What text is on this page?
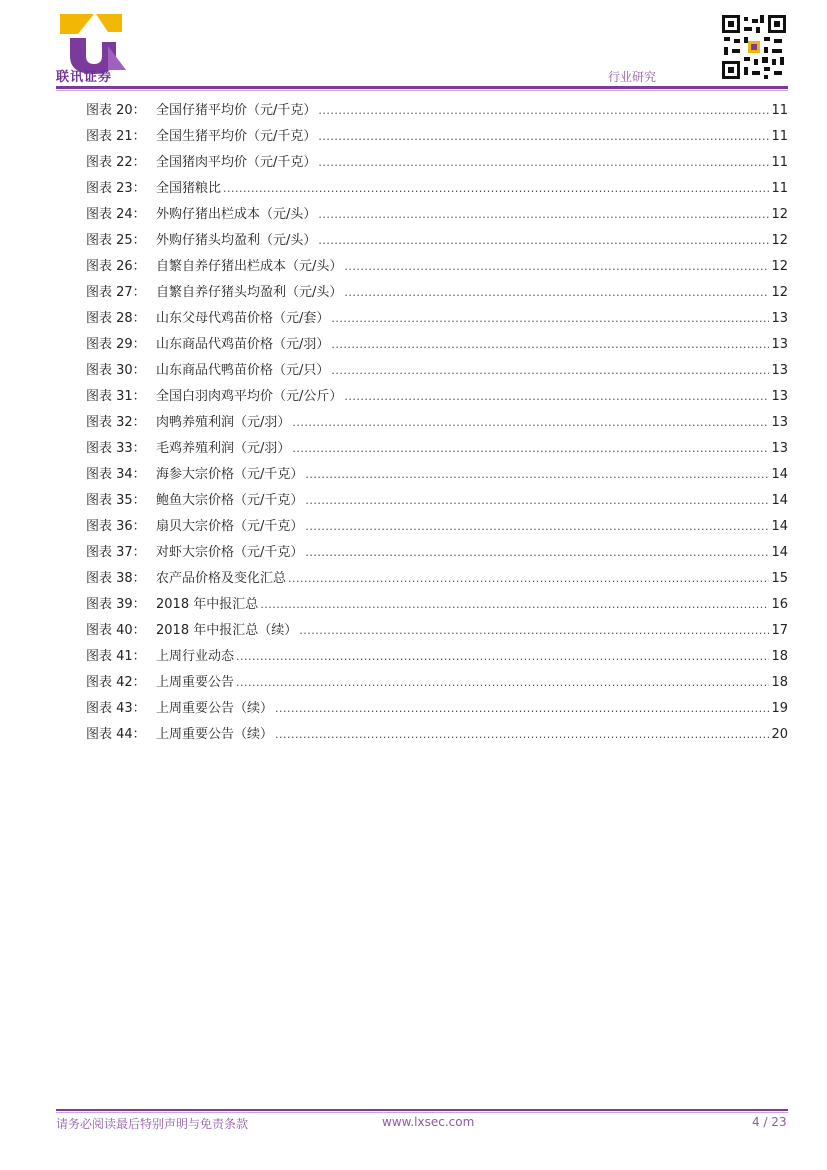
联讯证券	行业研究
图表 20： 全国仔猪平均价（元/千克） .....	11
图表 21： 全国生猪平均价（元/千克） .....	11
图表 22： 全国猪肉平均价（元/千克） .....	11
图表 23： 全国猪粮比 .....	11
图表 24： 外购仔猪出栏成本（元/头） .....	12
图表 25： 外购仔猪头均盈利（元/头） .....	12
图表 26： 自繁自养仔猪出栏成本（元/头） .....	12
图表 27： 自繁自养仔猪头均盈利（元/头） .....	12
图表 28： 山东父母代鸡苗价格（元/套） .....	13
图表 29： 山东商品代鸡苗价格（元/羽） .....	13
图表 30： 山东商品代鸭苗价格（元/只） .....	13
图表 31： 全国白羽肉鸡平均价（元/公斤） .....	13
图表 32： 肉鸭养殖利润（元/羽） .....	13
图表 33： 毛鸡养殖利润（元/羽） .....	13
图表 34： 海参大宗价格（元/千克） .....	14
图表 35： 鲍鱼大宗价格（元/千克） .....	14
图表 36： 扇贝大宗价格（元/千克） .....	14
图表 37： 对虾大宗价格（元/千克） .....	14
图表 38： 农产品价格及变化汇总 .....	15
图表 39： 2018 年中报汇总 .....	16
图表 40： 2018 年中报汇总（续） .....	17
图表 41： 上周行业动态 .....	18
图表 42： 上周重要公告 .....	18
图表 43： 上周重要公告（续） .....	19
图表 44： 上周重要公告（续） .....	20
请务必阅读最后特别声明与免责条款	www.lxsec.com	4 / 23
